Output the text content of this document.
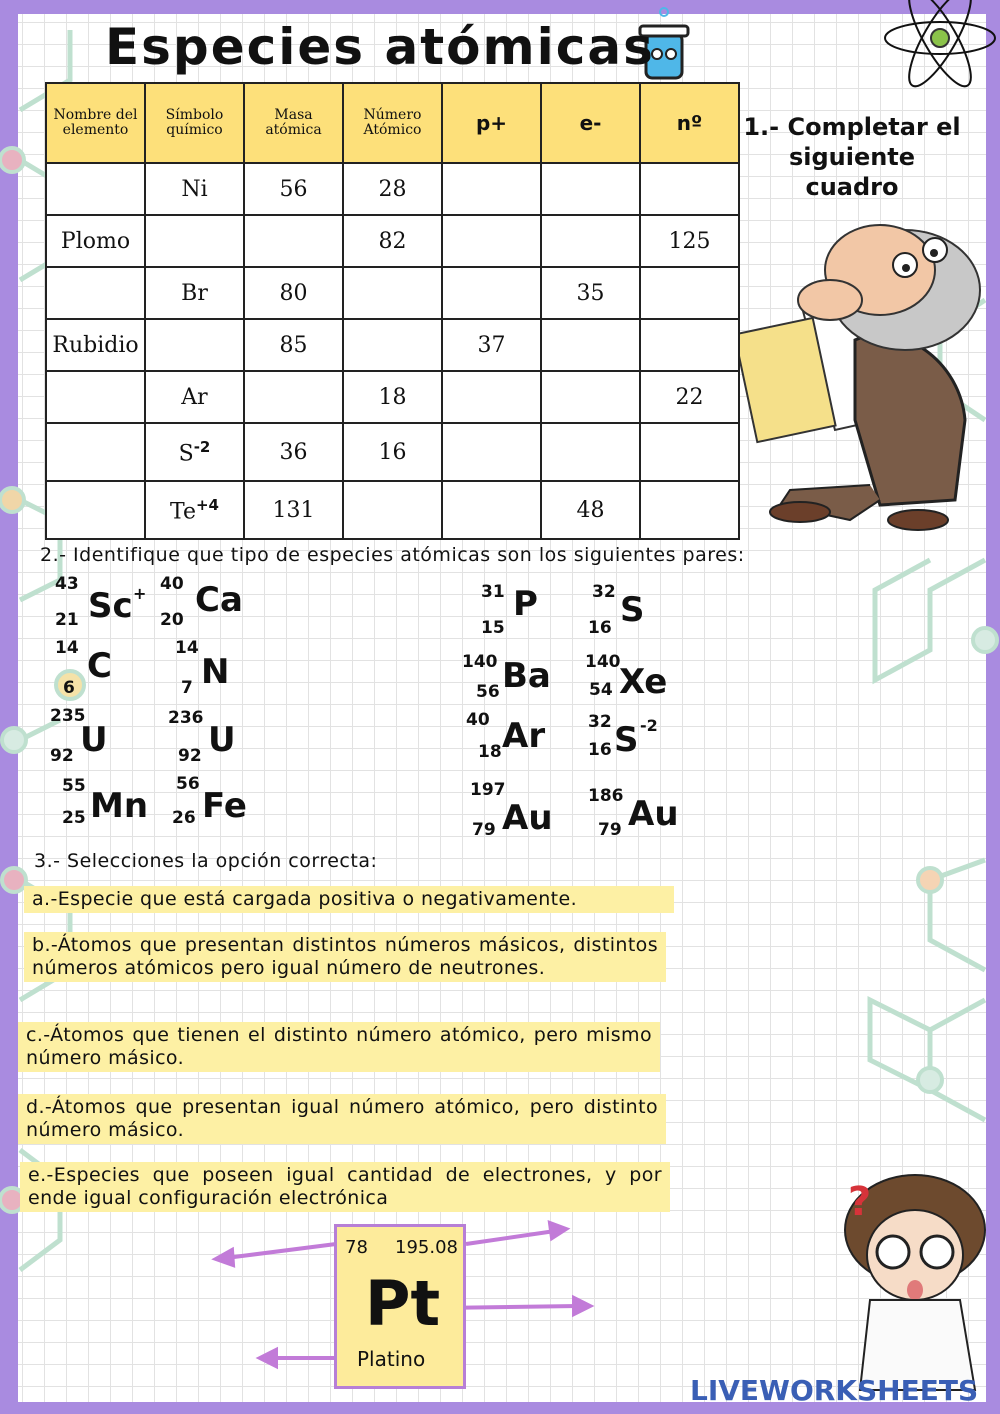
?
Especies atómicas
Nombre del elemento	Símbolo químico	Masa atómica	Número Atómico	p+	e-	nº
	Ni	56	28			
Plomo			82			125
	Br	80			35	
Rubidio		85		37		
	Ar		18			22
	$S^{-2}$	36	16			
	$Te^{+4}$	131			48	
1.- Completar el siguiente cuadro
2.- Identifique que tipo de especies atómicas son los siguientes pares:
43
21 Sc + 40
20 Ca
14
6
C	14
7 N
235
92 U
236
92 U
55
25 Mn
56
26 Fe
31
15
P	32
16 S
140
56 Ba 140
54 Xe
40
18 Ar	32
16 S -2
197
79 Au
186
79 Au
3.- Selecciones la opción correcta:
a.-Especie que está cargada positiva o negativamente.
b.-Átomos que presentan distintos números másicos, distintos números atómicos pero igual número de neutrones.
c.-Átomos que tienen el distinto número atómico, pero mismo número másico.
d.-Átomos que presentan igual número atómico, pero distinto número másico.
e.-Especies que poseen igual cantidad de electrones, y por ende igual configuración electrónica
78 195.08
Pt
Platino
LIVEWORKSHEETS
